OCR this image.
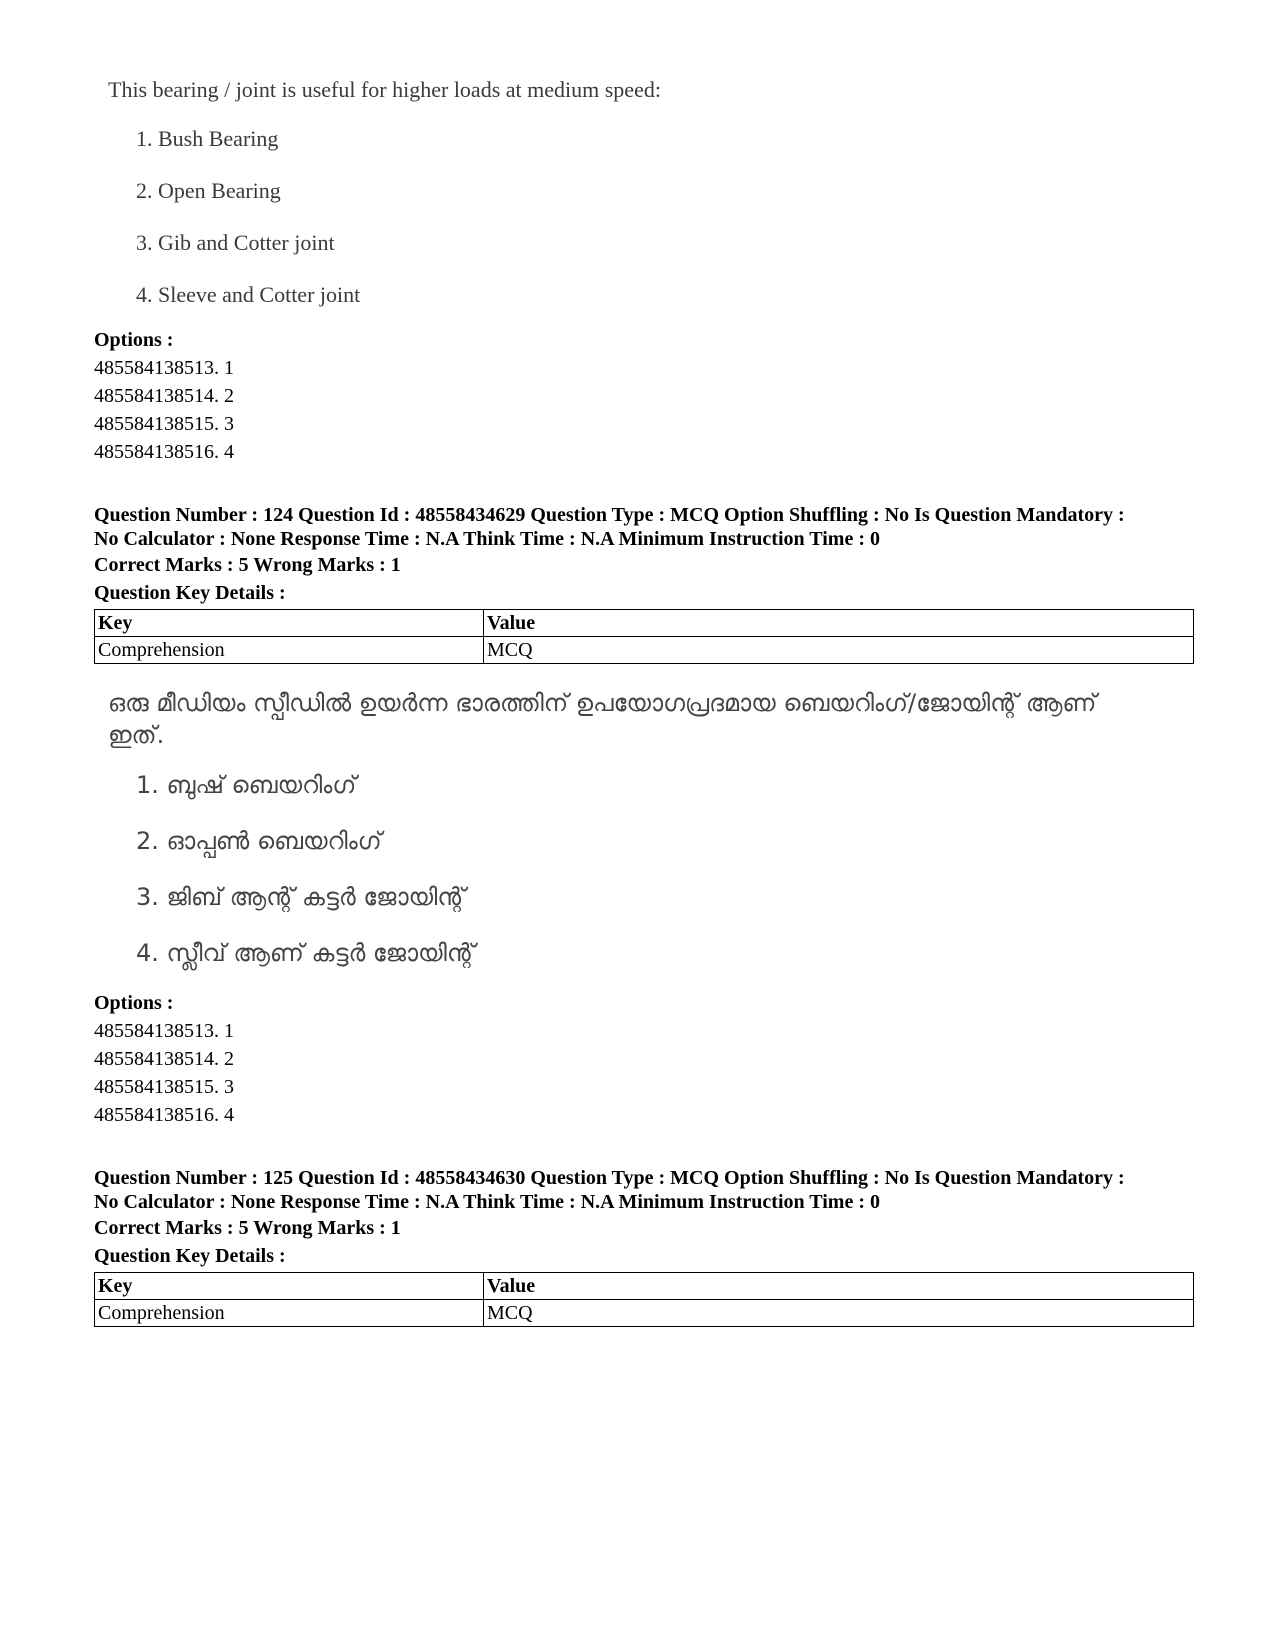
This bearing / joint is useful for higher loads at medium speed:
1. Bush Bearing
2. Open Bearing
3. Gib and Cotter joint
4. Sleeve and Cotter joint
Options :
485584138513. 1
485584138514. 2
485584138515. 3
485584138516. 4
Question Number : 124 Question Id : 48558434629 Question Type : MCQ Option Shuffling : No Is Question Mandatory :
No Calculator : None Response Time : N.A Think Time : N.A Minimum Instruction Time : 0
Correct Marks : 5 Wrong Marks : 1
Question Key Details :
Key	Value
Comprehension	MCQ
ഒരു മീഡിയം സ്പീഡിൽ ഉയർന്ന ഭാരത്തിന് ഉപയോഗപ്രദമായ ബെയറിംഗ്/ജോയിന്റ് ആണ് ഇത്.
1. ബുഷ് ബെയറിംഗ്
2. ഓപ്പൺ ബെയറിംഗ്
3. ജിബ് ആന്റ് കട്ടർ ജോയിന്റ്
4. സ്ലീവ് ആണ് കട്ടർ ജോയിന്റ്
Options :
485584138513. 1
485584138514. 2
485584138515. 3
485584138516. 4
Question Number : 125 Question Id : 48558434630 Question Type : MCQ Option Shuffling : No Is Question Mandatory :
No Calculator : None Response Time : N.A Think Time : N.A Minimum Instruction Time : 0
Correct Marks : 5 Wrong Marks : 1
Question Key Details :
Key	Value
Comprehension	MCQ
